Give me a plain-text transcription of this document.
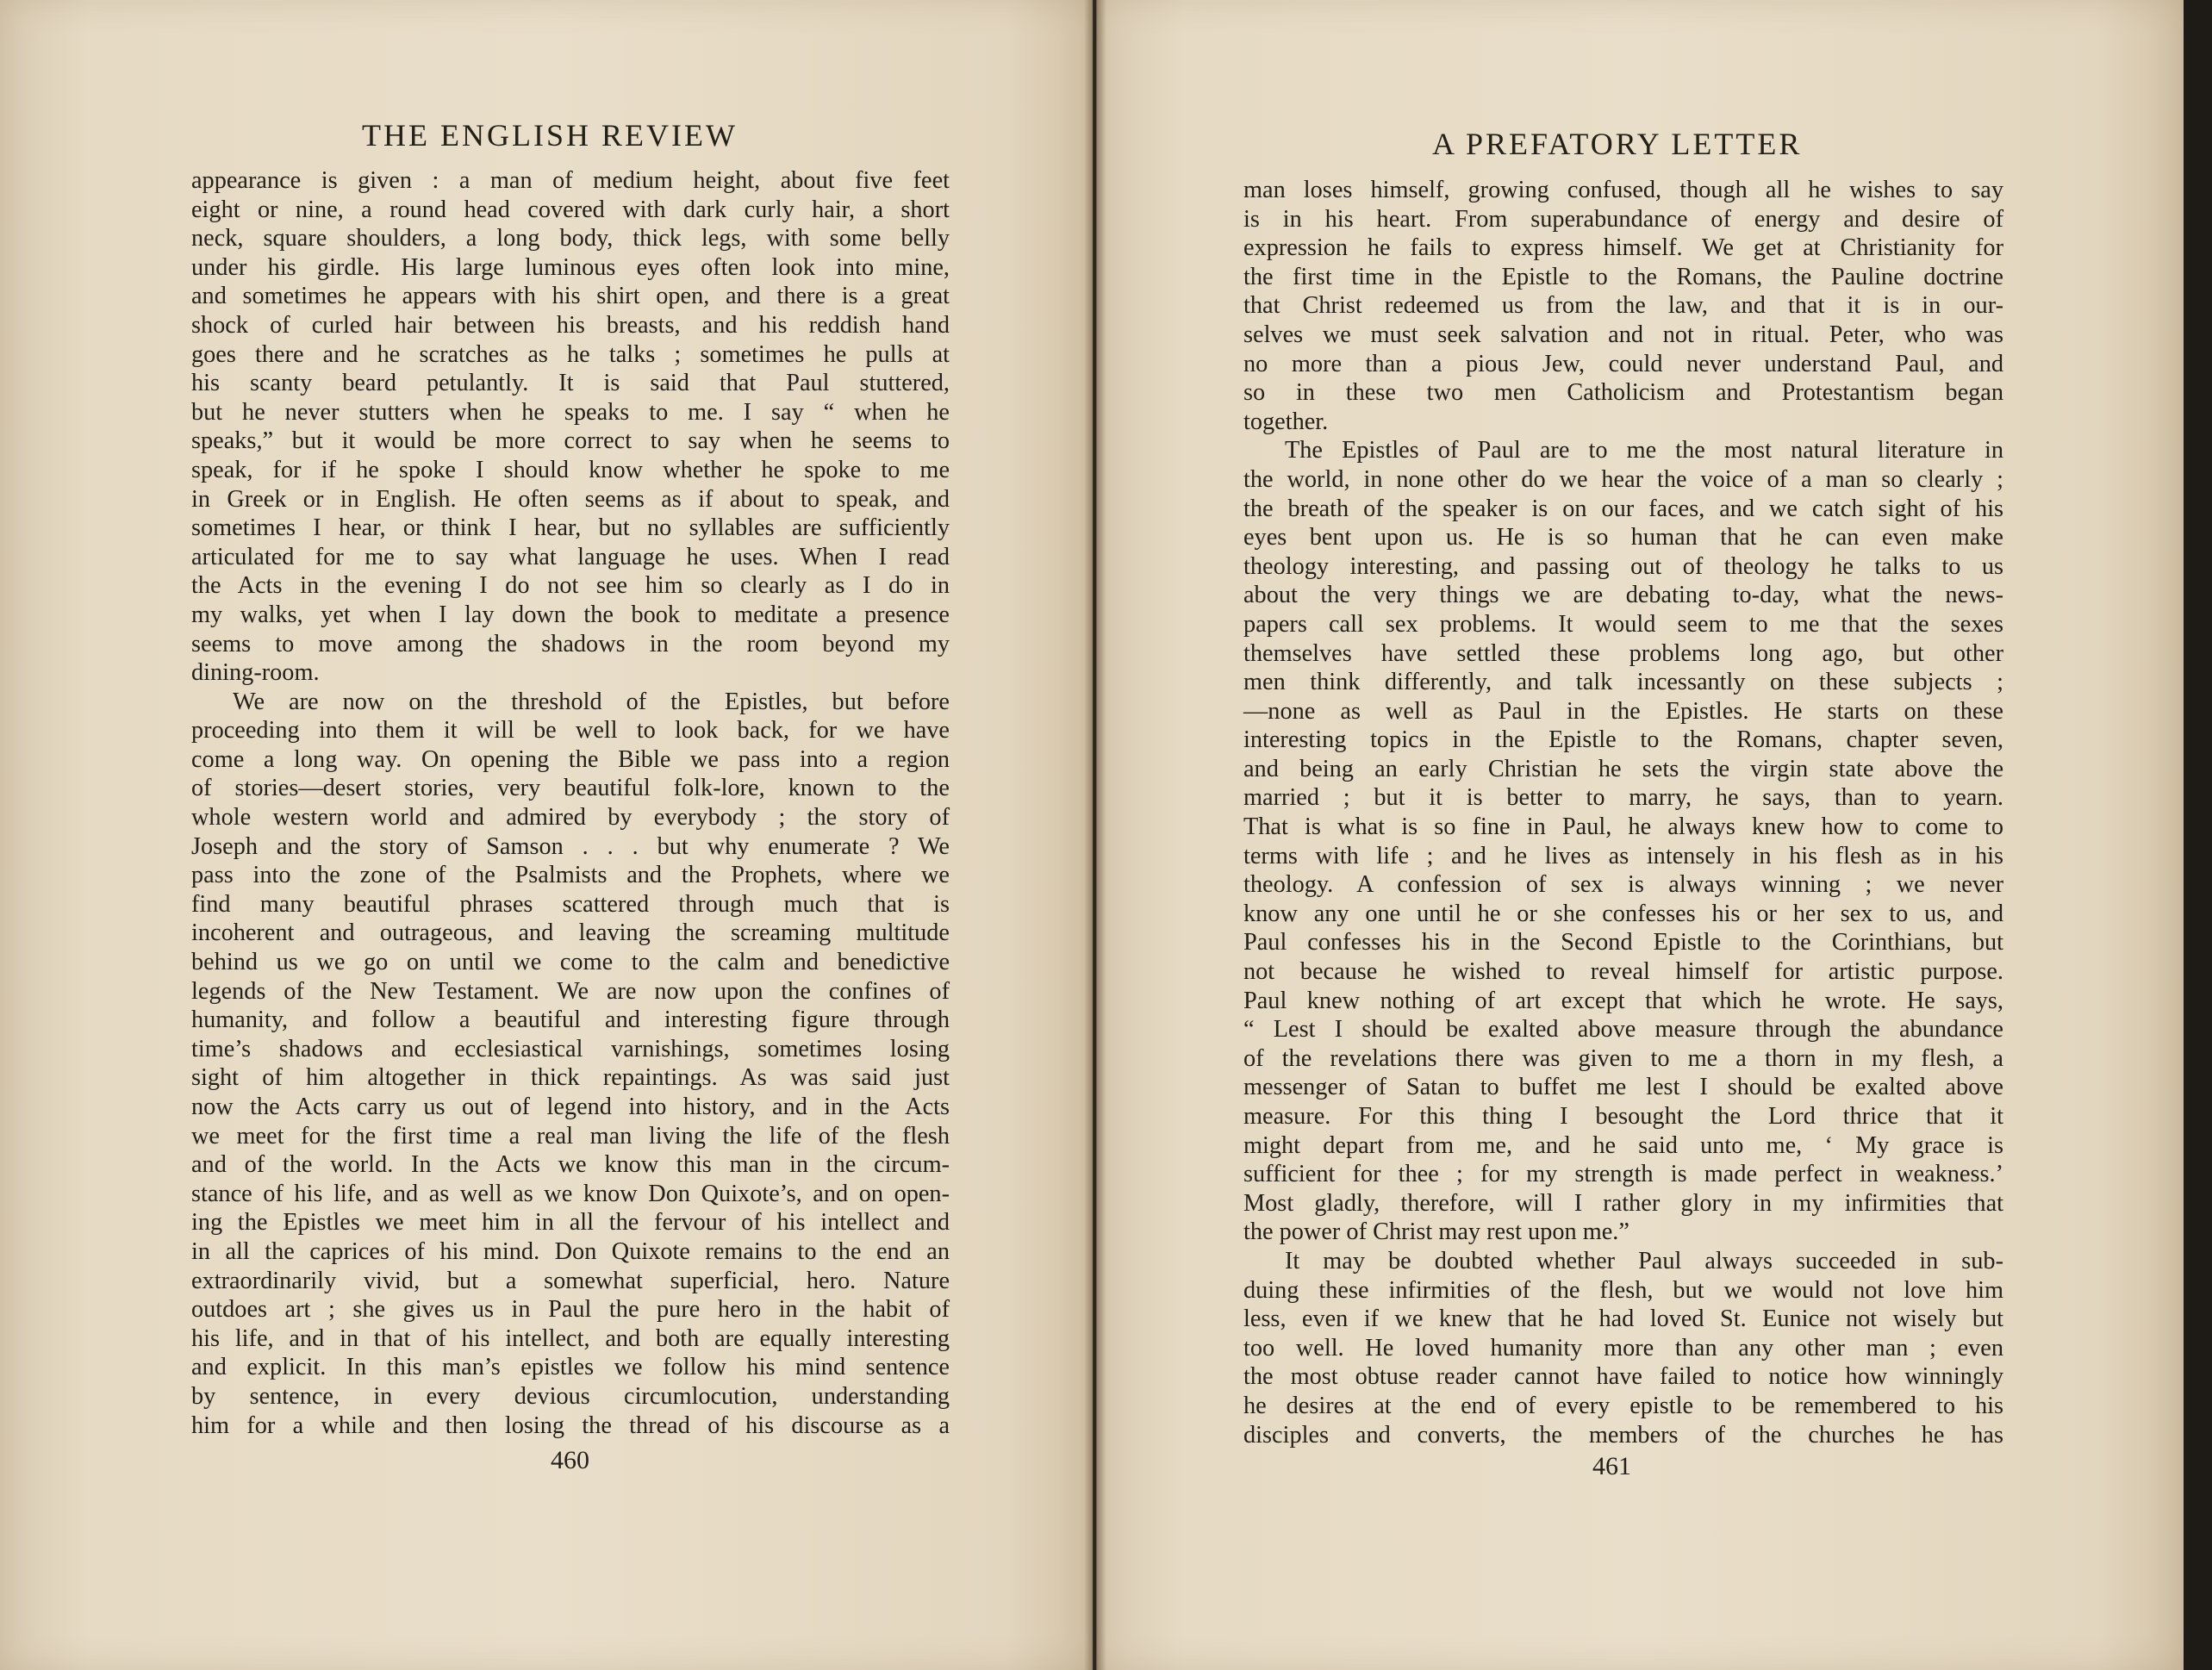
THE ENGLISH REVIEW	A PREFATORY LETTER
appearance is given : a man of medium height, about five feet
eight or nine, a round head covered with dark curly hair, a short
neck, square shoulders, a long body, thick legs, with some belly
under his girdle. His large luminous eyes often look into mine,
and sometimes he appears with his shirt open, and there is a great
shock of curled hair between his breasts, and his reddish hand
goes there and he scratches as he talks ; sometimes he pulls at
his scanty beard petulantly. It is said that Paul stuttered,
but he never stutters when he speaks to me. I say “ when he
speaks,” but it would be more correct to say when he seems to
speak, for if he spoke I should know whether he spoke to me
in Greek or in English. He often seems as if about to speak, and
sometimes I hear, or think I hear, but no syllables are sufficiently
articulated for me to say what language he uses. When I read
the Acts in the evening I do not see him so clearly as I do in
my walks, yet when I lay down the book to meditate a presence
seems to move among the shadows in the room beyond my
dining-room.
We are now on the threshold of the Epistles, but before
proceeding into them it will be well to look back, for we have
come a long way. On opening the Bible we pass into a region
of stories—desert stories, very beautiful folk-lore, known to the
whole western world and admired by everybody ; the story of
Joseph and the story of Samson . . . but why enumerate ? We
pass into the zone of the Psalmists and the Prophets, where we
find many beautiful phrases scattered through much that is
incoherent and outrageous, and leaving the screaming multitude
behind us we go on until we come to the calm and benedictive
legends of the New Testament. We are now upon the confines of
humanity, and follow a beautiful and interesting figure through
time’s shadows and ecclesiastical varnishings, sometimes losing
sight of him altogether in thick repaintings. As was said just
now the Acts carry us out of legend into history, and in the Acts
we meet for the first time a real man living the life of the flesh
and of the world. In the Acts we know this man in the circum-
stance of his life, and as well as we know Don Quixote’s, and on open-
ing the Epistles we meet him in all the fervour of his intellect and
in all the caprices of his mind. Don Quixote remains to the end an
extraordinarily vivid, but a somewhat superficial, hero. Nature
outdoes art ; she gives us in Paul the pure hero in the habit of
his life, and in that of his intellect, and both are equally interesting
and explicit. In this man’s epistles we follow his mind sentence
by sentence, in every devious circumlocution, understanding
him for a while and then losing the thread of his discourse as a
man loses himself, growing confused, though all he wishes to say
is in his heart. From superabundance of energy and desire of
expression he fails to express himself. We get at Christianity for
the first time in the Epistle to the Romans, the Pauline doctrine
that Christ redeemed us from the law, and that it is in our-
selves we must seek salvation and not in ritual. Peter, who was
no more than a pious Jew, could never understand Paul, and
so in these two men Catholicism and Protestantism began
together.
The Epistles of Paul are to me the most natural literature in
the world, in none other do we hear the voice of a man so clearly ;
the breath of the speaker is on our faces, and we catch sight of his
eyes bent upon us. He is so human that he can even make
theology interesting, and passing out of theology he talks to us
about the very things we are debating to-day, what the news-
papers call sex problems. It would seem to me that the sexes
themselves have settled these problems long ago, but other
men think differently, and talk incessantly on these subjects ;
—none as well as Paul in the Epistles. He starts on these
interesting topics in the Epistle to the Romans, chapter seven,
and being an early Christian he sets the virgin state above the
married ; but it is better to marry, he says, than to yearn.
That is what is so fine in Paul, he always knew how to come to
terms with life ; and he lives as intensely in his flesh as in his
theology. A confession of sex is always winning ; we never
know any one until he or she confesses his or her sex to us, and
Paul confesses his in the Second Epistle to the Corinthians, but
not because he wished to reveal himself for artistic purpose.
Paul knew nothing of art except that which he wrote. He says,
“ Lest I should be exalted above measure through the abundance
of the revelations there was given to me a thorn in my flesh, a
messenger of Satan to buffet me lest I should be exalted above
measure. For this thing I besought the Lord thrice that it
might depart from me, and he said unto me, ‘ My grace is
sufficient for thee ; for my strength is made perfect in weakness.’
Most gladly, therefore, will I rather glory in my infirmities that
the power of Christ may rest upon me.”
It may be doubted whether Paul always succeeded in sub-
duing these infirmities of the flesh, but we would not love him
less, even if we knew that he had loved St. Eunice not wisely but
too well. He loved humanity more than any other man ; even
the most obtuse reader cannot have failed to notice how winningly
he desires at the end of every epistle to be remembered to his
disciples and converts, the members of the churches he has
460	461
